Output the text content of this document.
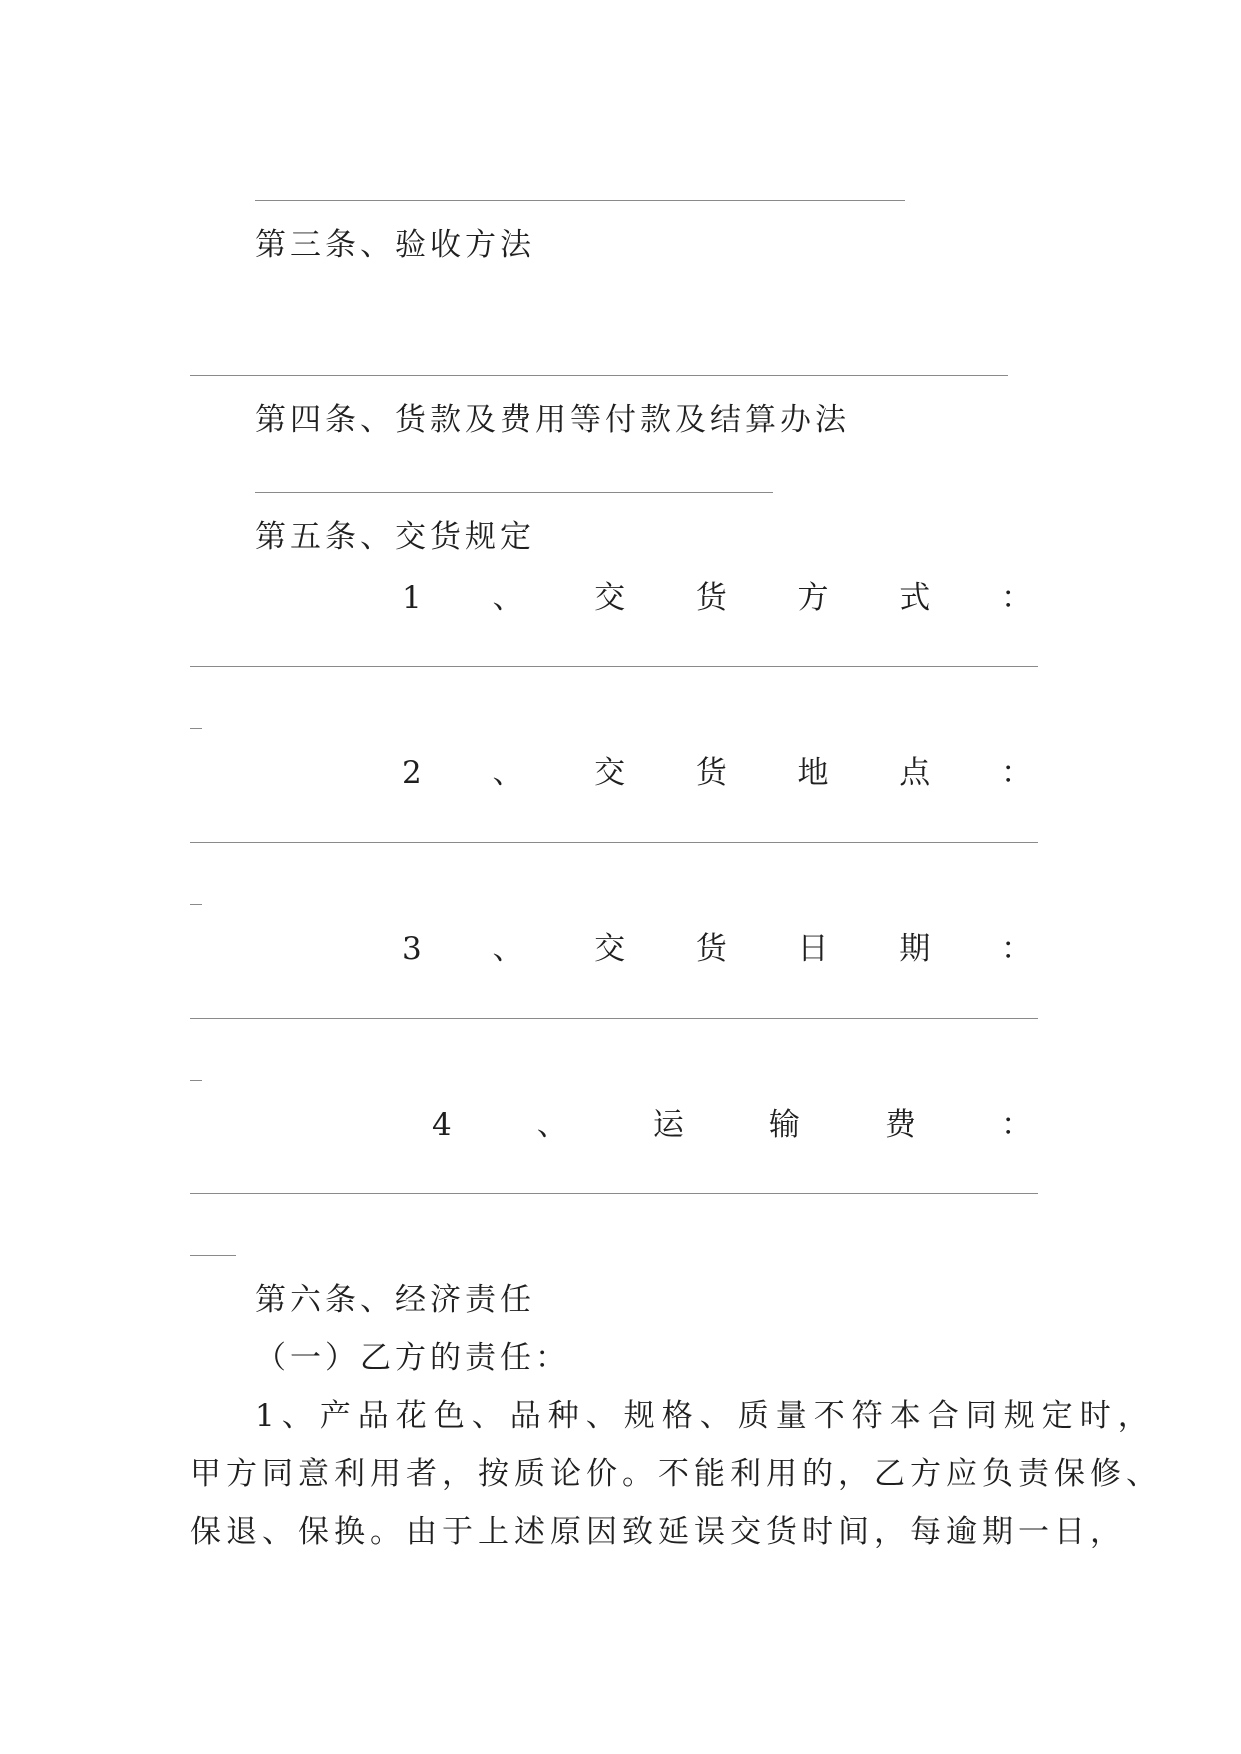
第三条、验收方法
第四条、货款及费用等付款及结算办法
第五条、交货规定
1 、 交 货 方 式 ：
2 、 交 货 地 点 ：
3 、 交 货 日 期 ：
4	、	运	输	费	：
第六条、经济责任
（一）乙方的责任：
1、产品花色、品种、规格、质量不符本合同规定时，
甲方同意利用者，按质论价。不能利用的，乙方应负责保修、
保退、保换。由于上述原因致延误交货时间，每逾期一日，
